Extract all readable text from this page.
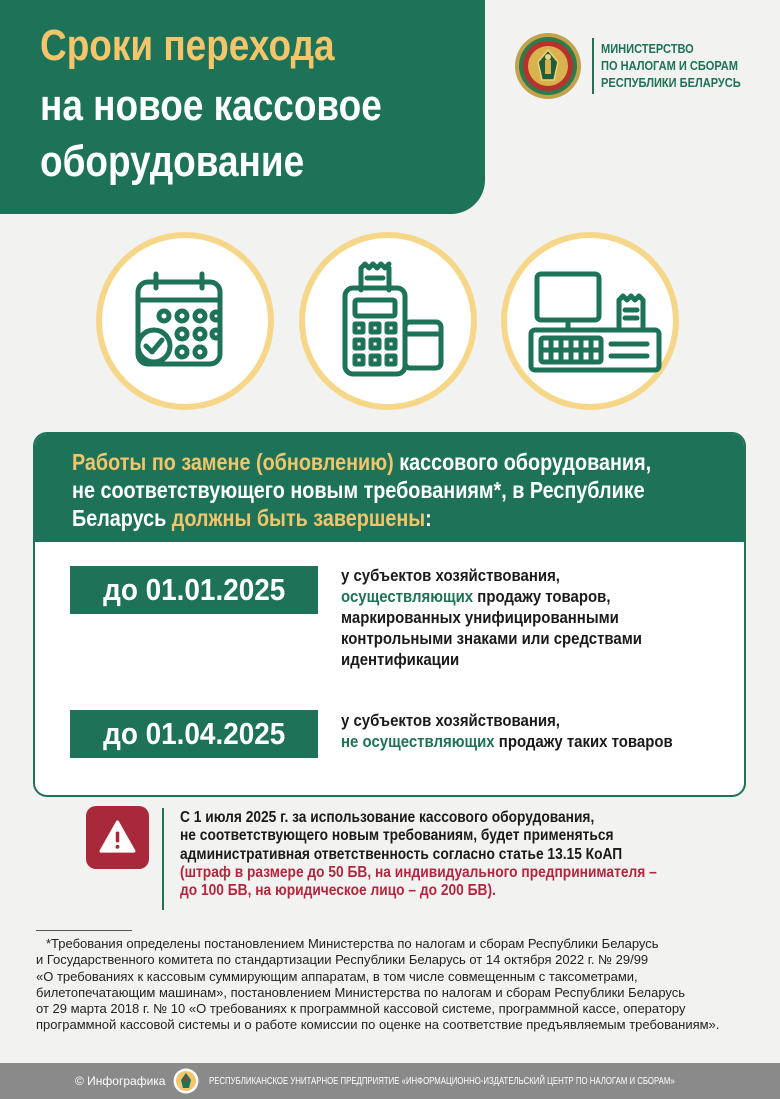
Сроки перехода
на новое кассовое
оборудование
МИНИСТЕРСТВО
ПО НАЛОГАМ И СБОРАМ
РЕСПУБЛИКИ БЕЛАРУСЬ
Работы по замене (обновлению) кассового оборудования,
не соответствующего новым требованиям*, в Республике
Беларусь должны быть завершены:
до 01.01.2025	у субъектов хозяйствования,
осуществляющих продажу товаров,
маркированных унифицированными
контрольными знаками или средствами
идентификации
до 01.04.2025	у субъектов хозяйствования,
не осуществляющих продажу таких товаров
С 1 июля 2025 г. за использование кассового оборудования,
не соответствующего новым требованиям, будет применяться
административная ответственность согласно статье 13.15 КоАП
(штраф в размере до 50 БВ, на индивидуального предпринимателя –
до 100 БВ, на юридическое лицо – до 200 БВ).
*Требования определены постановлением Министерства по налогам и сборам Республики Беларусь
и Государственного комитета по стандартизации Республики Беларусь от 14 октября 2022 г. № 29/99
«О требованиях к кассовым суммирующим аппаратам, в том числе совмещенным с таксометрами,
билетопечатающим машинам», постановлением Министерства по налогам и сборам Республики Беларусь
от 29 марта 2018 г. № 10 «О требованиях к программной кассовой системе, программной кассе, оператору
программной кассовой системы и о работе комиссии по оценке на соответствие предъявляемым требованиям».
© Инфографика	РЕСПУБЛИКАНСКОЕ УНИТАРНОЕ ПРЕДПРИЯТИЕ «ИНФОРМАЦИОННО-ИЗДАТЕЛЬСКИЙ ЦЕНТР ПО НАЛОГАМ И СБОРАМ»
